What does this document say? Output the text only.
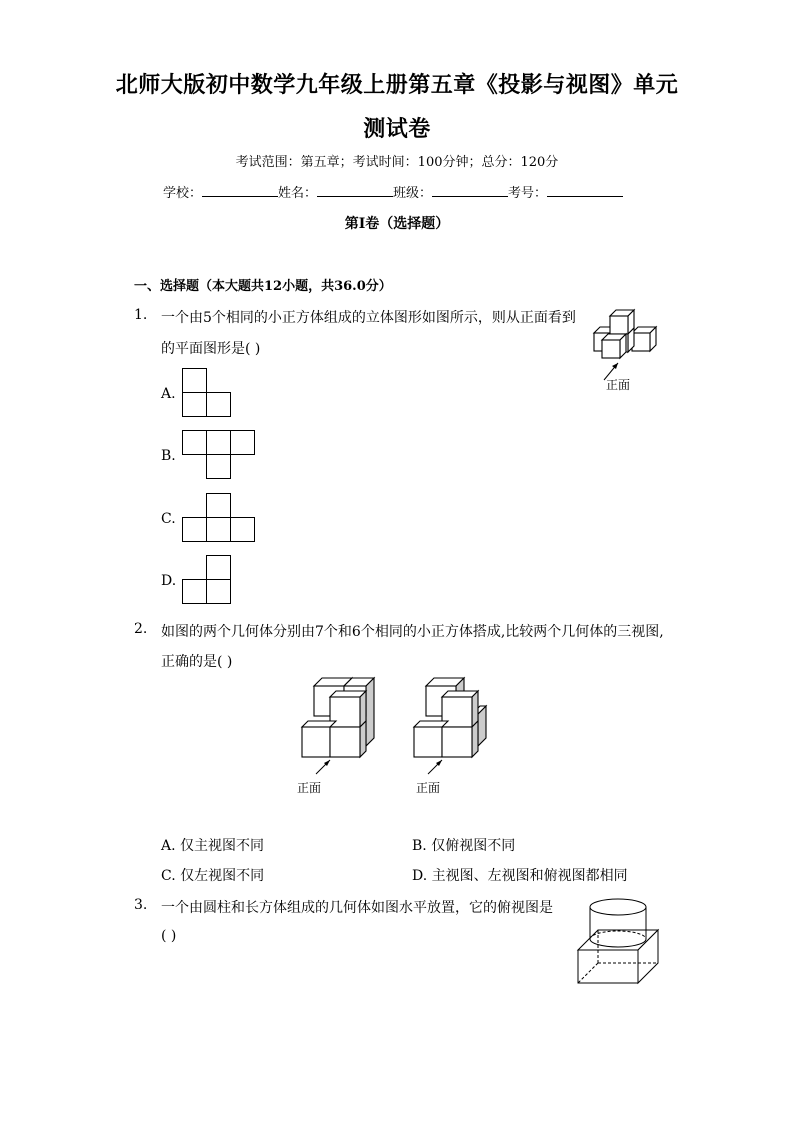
北师大版初中数学九年级上册第五章《投影与视图》单元
测试卷
考试范围：第五章；考试时间：100分钟；总分：120分
学校：	姓名：	班级：	考号：
第I卷（选择题）
一、选择题（本大题共12小题，共36.0分）
1. 一个由5个相同的小正方体组成的立体图形如图所示，则从正面看到
的平面图形是( )
正面
A.
B.
C.
D.
2. 如图的两个几何体分别由7个和6个相同的小正方体搭成,比较两个几何体的三视图,
正确的是( )
正面	正面
A. 仅主视图不同	B. 仅俯视图不同
C. 仅左视图不同	D. 主视图、左视图和俯视图都相同
3. 一个由圆柱和长方体组成的几何体如图水平放置，它的俯视图是
( )
